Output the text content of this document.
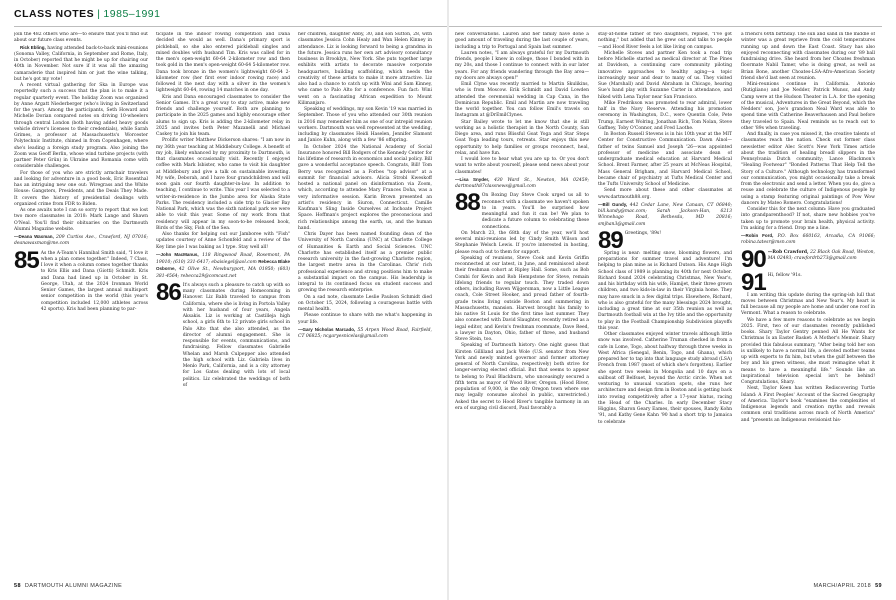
CLASS NOTES | 1985–1991

join the 482 others who are—to ensure that you'll find out about our future class events.

Rick Ebling, having attended back-to-back mini-reunions (Sonoma Valley, California, in September and Rome, Italy, in October) reported that he might be up for chairing our 40th in November. Not sure if it was all the amazing camaraderie that inspired him or just the wine talking, but he's got my vote!

A recent virtual gathering for Ska in Europe was reportedly such a success that the plan is to make it a regular quarterly event. The holiday Zoom was organized by Anne Argatt Niederberger (who's living in Switzerland for the year). Among the participants, Seth Howard and Michelle Dorian compared notes on driving 10-wheelers through central London (both having added heavy goods vehicle driver's licenses to their credentials), while Sarah Grimes, a professor at Massachusetts's Worcester Polytechnic Institute, chimed in from Copenhagen, where she's leading a foreign study program. Also joining the Zoom was Geoff Berlin, whose wind turbine projects (with partner Peter Grün) in Ukraine and Romania come with considerable challenges.

For those of you who are strictly armchair travelers and looking for adventure in a good book, Eric Rosenthal has an intriguing new one out: Wiregrass and the White House: Gangsters, Presidents, and the Deals They Made. It covers the history of presidential dealings with organized crime from FDR to Biden.

As one awaits note I can so sorry to report that we lost two more classmates in 2018: Mark Lange and Shawn O'Neal. You'll find their obituaries on the Dartmouth Alumni Magazine website.

—Deana Waxman, 209 Curtiss Ave., Crawford, NJ 07016; deanawaxman@me.com
85 As the A-Team's Hannibal Smith said, "I love it when a plan comes together." Indeed, 7 Class, I love it when a column comes together thanks to Kris Ellis and Dana (Giotti) Schmidt. Kris and Dana had lined up in October in St. George, Utah, at the 2024 Ironman World Senior Games, the largest annual multisport senior competition in the world (this year's competition included 12,000 athletes across 42 sports). Kris had been planning to par-

ticipate in the indoor rowing competition and Dana decided she would as well. Dana's primary sport is pickleball, so she also entered pickleball singles and mixed doubles with husband Tim. Kris was called for in the men's open-weight 60-64 2-kilometer row and then took gold in the men's open-weight 60-64 5-kilometer row. Dana took bronze in the women's lightweight 60-64 2-kilometer row (her first ever indoor rowing race) and followed it the next day with a silver in the women's lightweight 60-64, rowing 14 matches in one day.

Kris and Dana encouraged classmates to consider the Senior Games. It's a great way to stay active, make new friends and challenge yourself. Both are planning to participate in the 2025 games and highly encourage other alums to sign up. Kris is adding the 2-kilometer relay in 2025 and invites both Peter Mazanelli and Michael Caskey to join his team.

Prolific writer Matthew Dickerson shares: "I am now in my 36th year teaching at Middlebury College. A benefit of my job, likely enhanced by my proximity to Dartmouth, is that classmates occasionally visit. Recently I enjoyed coffee with Mark Isbister, who came to visit his daughter at Middlebury and give a talk on sustainable investing. My wife, Deborah, and I have four grandchildren and will soon gain our fourth daughter-in-law. In addition to teaching, I continue to write. This year I was selected to a writer-in-residence in the Jumbo area for Alaska State Parks. The residency included a side trip to Glacier Bay National Park, which was the sixth national park we were able to visit this year. Some of my work from that residency will appear in my soon-to-be released book, Birds of the Sky, Fish of the Sea.

Also thanks for helping out our Jamboree with "Fish" updates courtesy of Anne Schonfeld and a review of the Key lime pie I was baking as I type. Stay well all!

—John MacManus, 118 Ringwood Road, Rosemont, PA 19010; (610) 331-6417; ebaisiegel@aol.com Rebecca Blake Osborne, 42 Olive St., Newburyport, MA 01950; (603) 381-4564; rebecca29@comcast.net
86 It's always such a pleasure to catch up with so many classmates during Homecoming in Hanover. Liz Babb traveled to campus from California, where she is living in Portola Valley with her husband of four years, Angela Aksakis. Liz is working at Castilleja high school, a girls 6th to 12 private girls school in Palo Alto that she also attended, as the director of alumni engagement. She is responsible for events, communications, and fundraising. Fellow classmates Gabrielle Whelan and Marsh Culpepper also attended the high school with Liz. Gabriela lives in Menlo Park, California, and is a city attorney for Los Gatos dealing with lots of local politics. Liz celebrated the weddings of both of

her children, daughter Abby, 30, and son Sutton, 28, with classmates Jessica Cohn Healy and Wan Helen Kinney in attendance. Liz is looking forward to being a grandma in the future. Jessica runs her own art advisory consultancy business in Brooklyn, New York. She puts together large exhibits with artists to decorate massive corporate headquarters, building scaffolding, which needs the creativity of these artists to make it more attractive. Liz also had a chance to catch up with Wini and Sam Kinney, who came to Palo Alto for a conference. Fun fact: Wini went on a fascinating African expedition to Mount Kilimanjaro.

Speaking of weddings, my son Kevin '19 was married in September. Those of you who attended our 30th reunion in 2016 may remember him as one of our intrepid reunion workers. Dartmouth was well represented at the wedding, including by classmates Heidi Haselen, Jennifer Slamont and Janice Kuhn, along with a few '86 offspring.

In October 2024 the National Academy of Social Insurance honored Bill Rodgers of the Kennedy Center for his lifetime of research in economics and social policy. Bill gave a wonderful acceptance speech. Congrats, Bill! Tom Berry was recognized as a Forbes "top advisor" at a summit for financial advisors. Alicia Strobl Kweskoff hosted a national panel on disinformation via Zoom, which, according to attendee Mary Frances Doha, was a very informative session. Karin Brown presented an artist's residency in Siuron, Connecticut. Camille Kaufman's Sling Inside Ourselves at Inchoate Project Space. Hoffman's project explores the preconscious and rich relationships among the earth, us, and the human hand.

Chris Dayer has been named founding dean of the University of North Carolina (UNC) at Charlotte College of Humanities & Earth and Social Sciences. UNC Charlotte has established itself as a premier public research university in the fast-growing Charlotte region, the largest metro area in the Carolinas. Chris' rich professional experience and strong positions him to make a substantial impact on the campus. His leadership is integral to its continued focus on student success and growing the research enterprise.

On a sad note, classmate Leslie Paulson Schmidt died on October 15, 2024, following a courageous battle with mental health.

Please continue to share with me what's happening in your life.

—Gary Nicholas Marcado, 55 Arpen Wood Road, Fairfield, CT 06825; ncgaryesnicelas@gmail.com

new conversations. Lauren and her family have done a good amount of traveling during the last couple of years, including a trip to Portugal and Spain last summer.

Lauren notes, "I am always grateful for my Dartmouth friends, people I knew in college, those I bonded with in my 20s, and those I continue to connect with in our later years. For any friends wandering through the Bay area—my doors are always open!"

Emil Clyne was recently married to Martin Skulikins, who is from Moscow. Erik Schmidt and David Lowden attended the ceremonial wedding in Cap Cana, in the Dominican Republic. Emil and Martin are now traveling the world together. You can follow Emil's travels on Instagram at @DrEmilClynes.

Star Bailey wrote to let me know that she is still working as a holistic therapist in the North County, San Diego area, and runs Blissful Goat Yoga and Star Steps Goat Yoga leading tours, retreats. Star enjoys this new opportunity to help families or groups reconnect, heal, relax, and have fun.

I would love to hear what you are up to. Or you don't want to write about yourself, please send news about your classmates!

—Lisa Snyder, 430 Ward St., Newton, MA 02459; dartmouth87classnews@gmail.com
88 On Boxing Day Steve Cook urged us all to reconnect with a classmate we haven't spoken to in years. You'll be surprised how meaningful and fun it can be! We plan to dedicate a future column to celebrating these connections.

On March 23, the 68th day of the year, we'll host several mini-reunions led by Cindy Smith Wilson and Stephanie Welsch Lewis. If you're interested in hosting, please reach out to them for support.

Speaking of reunions, Steve Cook and Kevin Griffin reconnected at our latest, in June, and reminisced about their freshman cohort at Ripley Hall. Some, such as Bob Combi for Kevin and Rob Hempstone for Steve, remain lifelong friends to regular touch. They traded down others, including Raven Wijgersman, now a Little League coach, Cole Street Hooker, and proud father of fourth-grade twins living outside Boston and summering in Massachusetts, mansion. Harvest brought his family to his native St Louis for the first time last summer. They also connected with David Slaughter, recently retired as a legal editor, and Kevin's freshman roommate, Dave Reed, a lawyer in Dayton, Ohio, father of three, and husband Steve Stein, too.

Speaking of Dartmouth history: One night guess that Kirsten Gilliland and Jack Wole (U.S. senator from New York and newly minted governor and former attorney general of North Carolina, respectively) both strive for longer-serving elected official. But that seems to appear to belong to Paul Blackburn, who unceasingly secured a fifth term as mayor of Wood River, Oregon. (Hood River, population of 9,000, is the only Oregon town where one may legally consume alcohol in public, unrestricted.) Asked the secret to Hood River's tangible harmony in an era of surging civil discord, Paul favorably a

stay-at-home father of two daughters, replied, "I've got nothing," but added that he grew out and talks to people—and Hood River feels a lot like living on campus.

Michelle Stoves and partner Ken took a road trip before Michelle started as medical director at The Pines at Davidson, a continuing care community piloting innovative approaches to healthy aging—a topic increasingly near and dear to many of us. They visited Sue (Marshall) and David Abraham in Chicago, hearing Sue's band play with Suzanne Carter in attendance, and hiked with Lena Taylor near San Francisco.

Mike Fredrikson was promoted to rear admiral, lower half in the Navy Reserve. Attending his promotion ceremony in Washington, D.C., were Quentin Cole, Pete Trump, Earnest Wolring, Jonathan Rich, Tom Nolan, Steve Gaffney, Toby O'Connor, and Fred Laothe.

In Boston Russell Stevens is in his 10th year at the MIT Center for Constructive Communication. Dawn Alnol—father of twins Samuel and Joseph '26—was appointed professor of medicine and associate dean of undergraduate medical education at Harvard Medical School. Brent Farmer, after 25 years at McNeas Hospital, Mass General Brigham, and Harvard Medical School, became chair of psychiatry at Tufts Medical Center and the Tufts University School of Medicine.

Send more about these and other classmates at www.dartmouth88.org.

—Bill Gundy, 442 Cedar Lane, New Canaan, CT 06840; bill.kandy@mac.com; Sarah Jackson-Han, 6213 Winnebago Road, Bethesda, MD 20816; smjhan3@gmail.com
89 Greetings, '89s!

Spring is near: melting snow, blooming flowers, and preparations for summer travel and adventure! I'm helping to plan mine as is Richard Dutson. His Ange High School class of 1989 is planning its 40th for next October. Richard found 2024 celebrating Christmas, New Year's, and his birthday with his wife, Hamijet, their three grown children, and two kids-in-law in their Virginia home. They may have snuck in a few digital trips. Elsewhere, Richard, who is also grateful for the many blessings 2024 brought, including a great time at our 35th reunion as well as Dartmouth football win at the Ivy title and the opportunity to play in the Football Championship Subdivision playoffs this year.

Other classmates enjoyed winter travels although little snow was involved. Catherine Truman checked in from a cafe in Lome, Togo, about halfway through three weeks in West Africa (Senegal, Benin, Togo, and Ghana), which prepared her to tap into that language study abroad (LSA) French from 1987 (most of which she's forgotten). Earlier she spent two weeks in Mongolia and 10 days on a sailboat off Belfsuet, beyond the Arctic circle. When not venturing to unusual vacation spots, she runs her architecture and design firm in Boston and is getting back into rowing competitively after a 17-year hiatus, racing the Head of the Charles. In early December Stacy Higgins, Sharon Geary Eames, their spouses, Randy Kohn '91, and Kathy Gene Kahn '90 had a short trip to Jamaica to celebrate

a friend's 60th birthday. The sun and sand in the middle of winter was a great reprieve from the cold temperatures running up and down the East Coast. Stacy has also enjoyed reconnecting with classmates during our '89 ball fundraising drive. She heard from her Choates freshman floormate Nabil Tamer, who is doing great, as well as Brian Bone, another Choates-LSA-Afro-American Society friend she'd last seen at reunion.

Mini-reunions continue in California. Antonio (Rutigliano) and Joe Nedder, Patrick Munoz, and Andy Camp were at the Hudson Theater in L.A. for the opening of the musical, Adventures in the Great Beyond, which the Nedders' son, Joe's grandson Neal Ward was able to spend time with Catherine Beaverhausen and Paul before they traveled to Spain. Neal reminds us to reach out to other '89s when traveling.

And finally, in case you missed it, the creative talents of classmates reach the nation. Check out former class newsletter editor Alec Scott's New York Times article about the tradition of healing breadl slippers in the Pennsylvania Dutch community; Lance Blackmon's "Healing Footwear" "Bonded Patterns That Help Tell the Story of a Culture." Although technology has transformed our communication, you might occasionally take a break from the electronic and send a letter. When you do, give a reuse and celebrate the culture of Indigenous people by using a stamp featuring original paintings of Pow Wow dancers by Mateo Romero. Congratulations!

Consider this for the next column: Have you graduated into grandparenthood? If not, share new hobbies you've taken up to promote your brain health, physical activity. I'm asking for a friend. Drop me a line.

—Robin Ford, P.O. Box 660163, Arcadia, CA 91066; robina.tatesr@msn.com
90 —Rob Crawford, 22 Black Oak Road, Weston, MA 02493; crawfordrb273@gmail.com
91 Hi, fellow '91s.

I am writing this update during the spring-ish lull that moves between Christmas and New Year's. My heart is full because all my people are home and under one roof in Vermont. What a reason to celebrate.

We have a few more reasons to celebrate as we begin 2025. First, two of our classmates recently published books. Shary Taylor Gentry penned All He Wants for Christmas Is an Easter Basket: A Mother's Memoir. Shary provided this fabulous summary, "After being told her son is unlikely to have a normal life, a devoted mother teams up with experts to fix him, but when the gulf between the boy and his green witness, she must reimagine what it means to have a meaningful life." Sounds like an inspirational television special isn't he behind! Congratulations, Shary.

Next, Taylor Keen has written Rediscovering Turtle Island: A First Peoples' Account of the Sacred Geography of America. Taylor's book "examines the complexities of Indigenous legends and creation myths and reveals common oral traditions across much of North America" and "presents an Indigenous revisionist his-

58 DARTMOUTH ALUMNI MAGAZINE	MARCH/APRIL 2018 59
